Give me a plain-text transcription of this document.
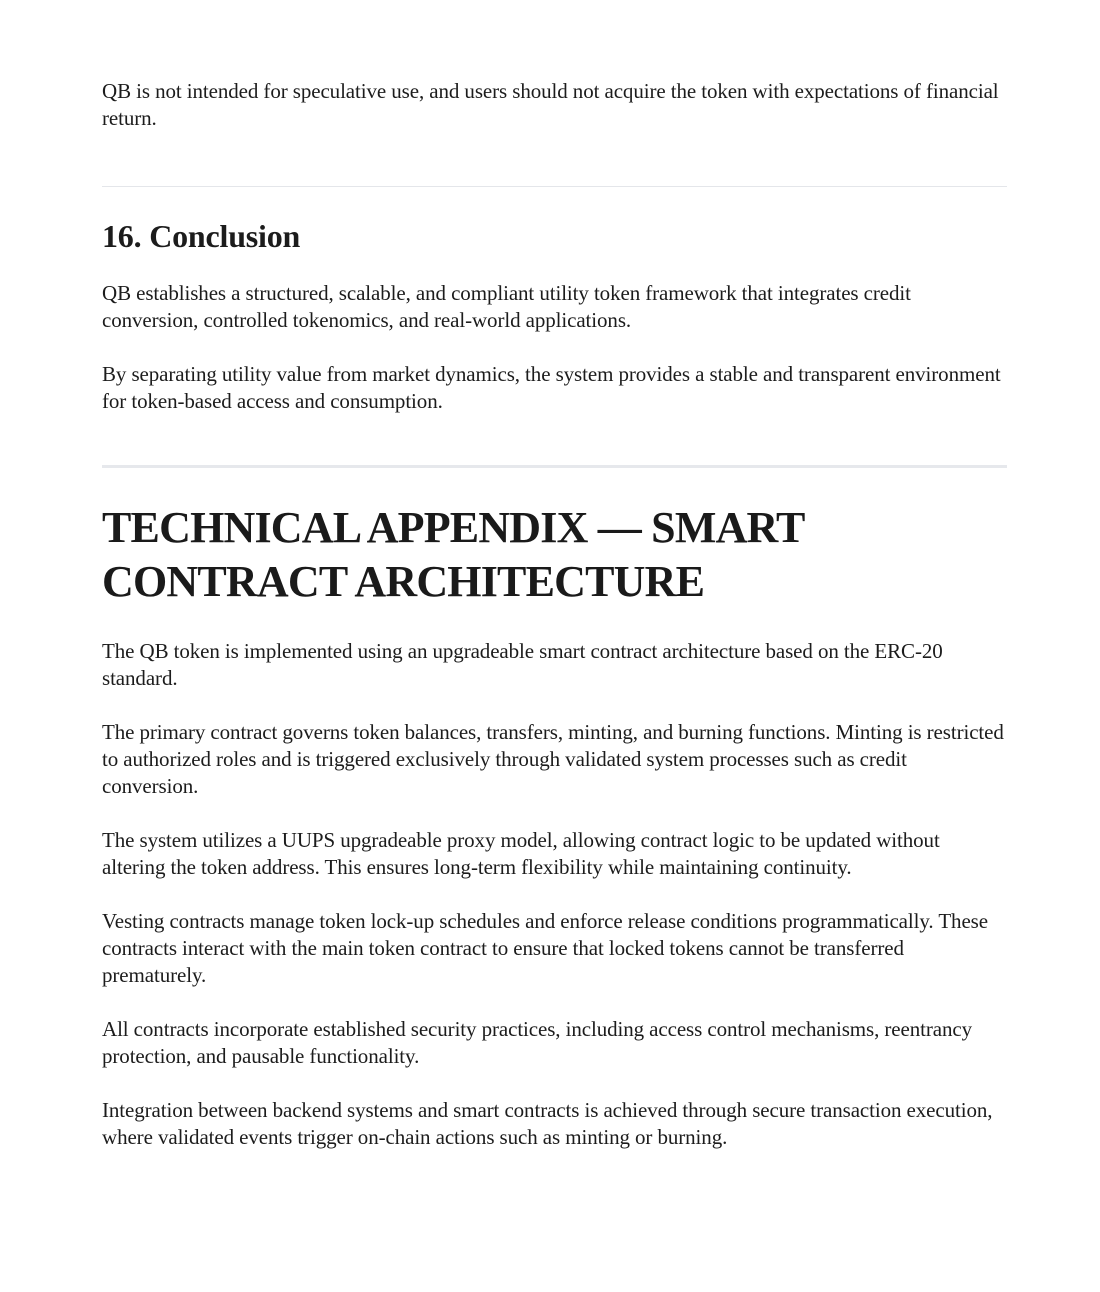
QB is not intended for speculative use, and users should not acquire the token with expectations of financial return.

16. Conclusion

QB establishes a structured, scalable, and compliant utility token framework that integrates credit conversion, controlled tokenomics, and real-world applications.

By separating utility value from market dynamics, the system provides a stable and transparent environment for token-based access and consumption.

TECHNICAL APPENDIX — SMART
CONTRACT ARCHITECTURE

The QB token is implemented using an upgradeable smart contract architecture based on the ERC-20 standard.

The primary contract governs token balances, transfers, minting, and burning functions. Minting is restricted to authorized roles and is triggered exclusively through validated system processes such as credit conversion.

The system utilizes a UUPS upgradeable proxy model, allowing contract logic to be updated without altering the token address. This ensures long-term flexibility while maintaining continuity.

Vesting contracts manage token lock-up schedules and enforce release conditions programmatically. These contracts interact with the main token contract to ensure that locked tokens cannot be transferred prematurely.

All contracts incorporate established security practices, including access control mechanisms, reentrancy protection, and pausable functionality.

Integration between backend systems and smart contracts is achieved through secure transaction execution, where validated events trigger on-chain actions such as minting or burning.
